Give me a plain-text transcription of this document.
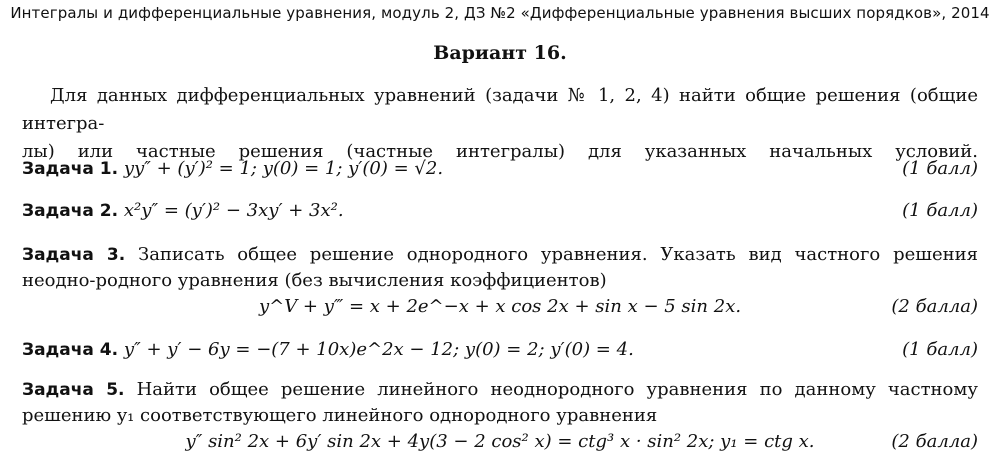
Интегралы и дифференциальные уравнения, модуль 2, ДЗ №2 «Дифференциальные уравнения высших порядков», 2014
Вариант 16.
Для данных дифференциальных уравнений (задачи № 1, 2, 4) найти общие решения (общие интегра-
лы) или частные решения (частные интегралы) для указанных начальных условий.
Задача 1. yy″ + (y′)² = 1; y(0) = 1; y′(0) = √2.	(1 балл)
Задача 2. x²y″ = (y′)² − 3xy′ + 3x².	(1 балл)
Задача 3. Записать общее решение однородного уравнения. Указать вид частного решения неодно-родного уравнения (без вычисления коэффициентов)
y^V + y‴ = x + 2e^−x + x cos 2x + sin x − 5 sin 2x.	(2 балла)
Задача 4. y″ + y′ − 6y = −(7 + 10x)e^2x − 12; y(0) = 2; y′(0) = 4.	(1 балл)
Задача 5. Найти общее решение линейного неоднородного уравнения по данному частному решению y₁ соответствующего линейного однородного уравнения
y″ sin² 2x + 6y′ sin 2x + 4y(3 − 2 cos² x) = ctg³ x · sin² 2x; y₁ = ctg x.	(2 балла)
